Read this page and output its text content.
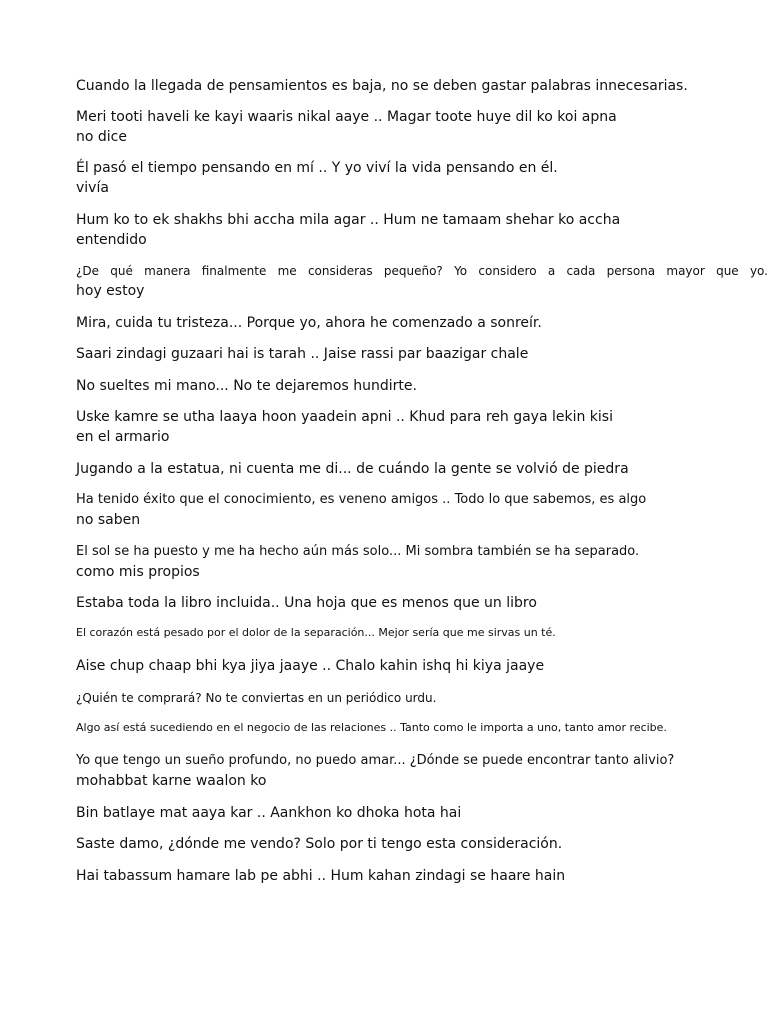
Cuando la llegada de pensamientos es baja, no se deben gastar palabras innecesarias.

Meri tooti haveli ke kayi waaris nikal aaye .. Magar toote huye dil ko koi apna
no dice

Él pasó el tiempo pensando en mí .. Y yo viví la vida pensando en él.
vivía

Hum ko to ek shakhs bhi accha mila agar .. Hum ne tamaam shehar ko accha
entendido

¿De qué manera finalmente me consideras pequeño? Yo considero a cada persona mayor que yo.
hoy estoy

Mira, cuida tu tristeza... Porque yo, ahora he comenzado a sonreír.

Saari zindagi guzaari hai is tarah .. Jaise rassi par baazigar chale

No sueltes mi mano... No te dejaremos hundirte.

Uske kamre se utha laaya hoon yaadein apni .. Khud para reh gaya lekin kisi
en el armario

Jugando a la estatua, ni cuenta me di... de cuándo la gente se volvió de piedra

Ha tenido éxito que el conocimiento, es veneno amigos .. Todo lo que sabemos, es algo
no saben

El sol se ha puesto y me ha hecho aún más solo... Mi sombra también se ha separado.
como mis propios

Estaba toda la libro incluida.. Una hoja que es menos que un libro

El corazón está pesado por el dolor de la separación... Mejor sería que me sirvas un té.

Aise chup chaap bhi kya jiya jaaye .. Chalo kahin ishq hi kiya jaaye

¿Quién te comprará? No te conviertas en un periódico urdu.

Algo así está sucediendo en el negocio de las relaciones .. Tanto como le importa a uno, tanto amor recibe.

Yo que tengo un sueño profundo, no puedo amar... ¿Dónde se puede encontrar tanto alivio?
mohabbat karne waalon ko

Bin batlaye mat aaya kar .. Aankhon ko dhoka hota hai

Saste damo, ¿dónde me vendo? Solo por ti tengo esta consideración.

Hai tabassum hamare lab pe abhi .. Hum kahan zindagi se haare hain
